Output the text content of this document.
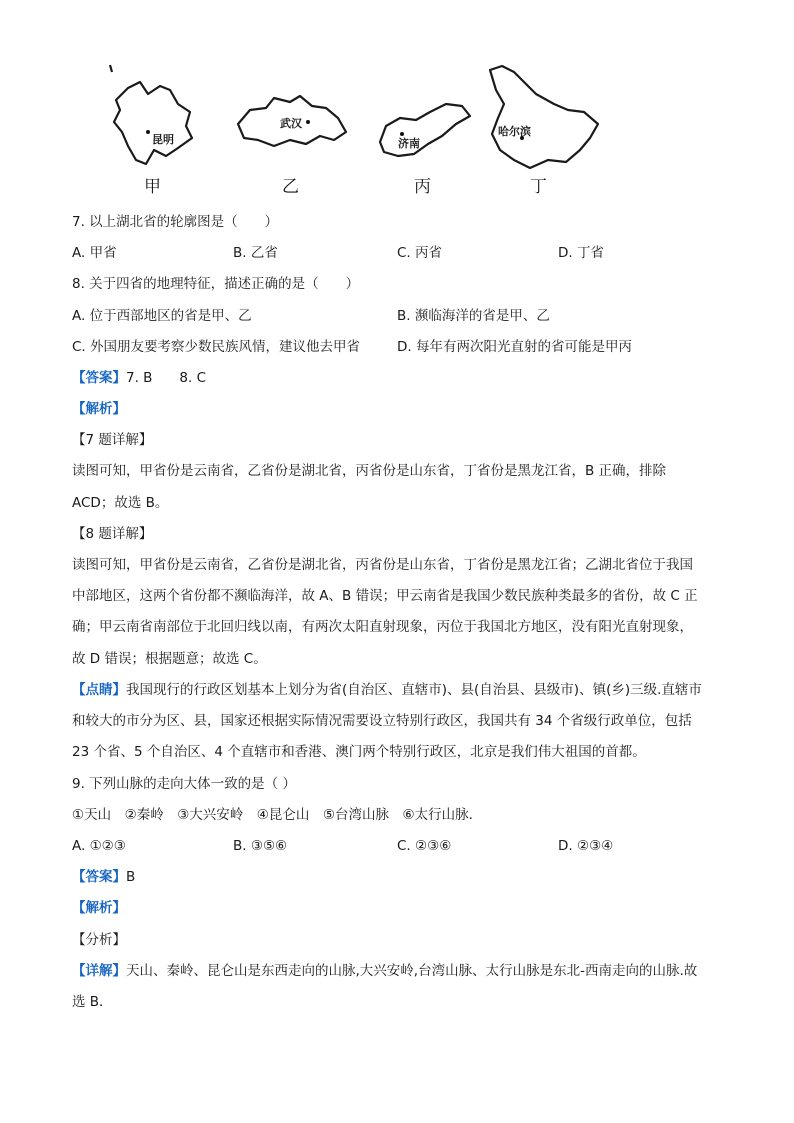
昆明
武汉
济南
哈尔滨
甲	乙	丙	丁
7. 以上湖北省的轮廓图是（　　）
A. 甲省	B. 乙省	C. 丙省	D. 丁省
8. 关于四省的地理特征，描述正确的是（　　）
A. 位于西部地区的省是甲、乙	B. 濒临海洋的省是甲、乙
C. 外国朋友要考察少数民族风情，建议他去甲省	D. 每年有两次阳光直射的省可能是甲丙
【答案】7. B　　8. C
【解析】
【7 题详解】
读图可知，甲省份是云南省，乙省份是湖北省，丙省份是山东省，丁省份是黑龙江省，B 正确，排除
ACD；故选 B。
【8 题详解】
读图可知，甲省份是云南省，乙省份是湖北省，丙省份是山东省，丁省份是黑龙江省；乙湖北省位于我国
中部地区，这两个省份都不濒临海洋，故 A、B 错误；甲云南省是我国少数民族种类最多的省份，故 C 正
确；甲云南省南部位于北回归线以南，有两次太阳直射现象，丙位于我国北方地区，没有阳光直射现象，
故 D 错误；根据题意；故选 C。
【点睛】我国现行的行政区划基本上划分为省(自治区、直辖市)、县(自治县、县级市)、镇(乡)三级.直辖市
和较大的市分为区、县，国家还根据实际情况需要设立特别行政区，我国共有 34 个省级行政单位，包括
23 个省、5 个自治区、4 个直辖市和香港、澳门两个特别行政区，北京是我们伟大祖国的首都。
9. 下列山脉的走向大体一致的是（ ）
①天山　②秦岭　③大兴安岭　④昆仑山　⑤台湾山脉　⑥太行山脉．
A. ①②③	B. ③⑤⑥	C. ②③⑥	D. ②③④
【答案】B
【解析】
【分析】
【详解】天山、秦岭、昆仑山是东西走向的山脉,大兴安岭,台湾山脉、太行山脉是东北-西南走向的山脉.故
选 B．
